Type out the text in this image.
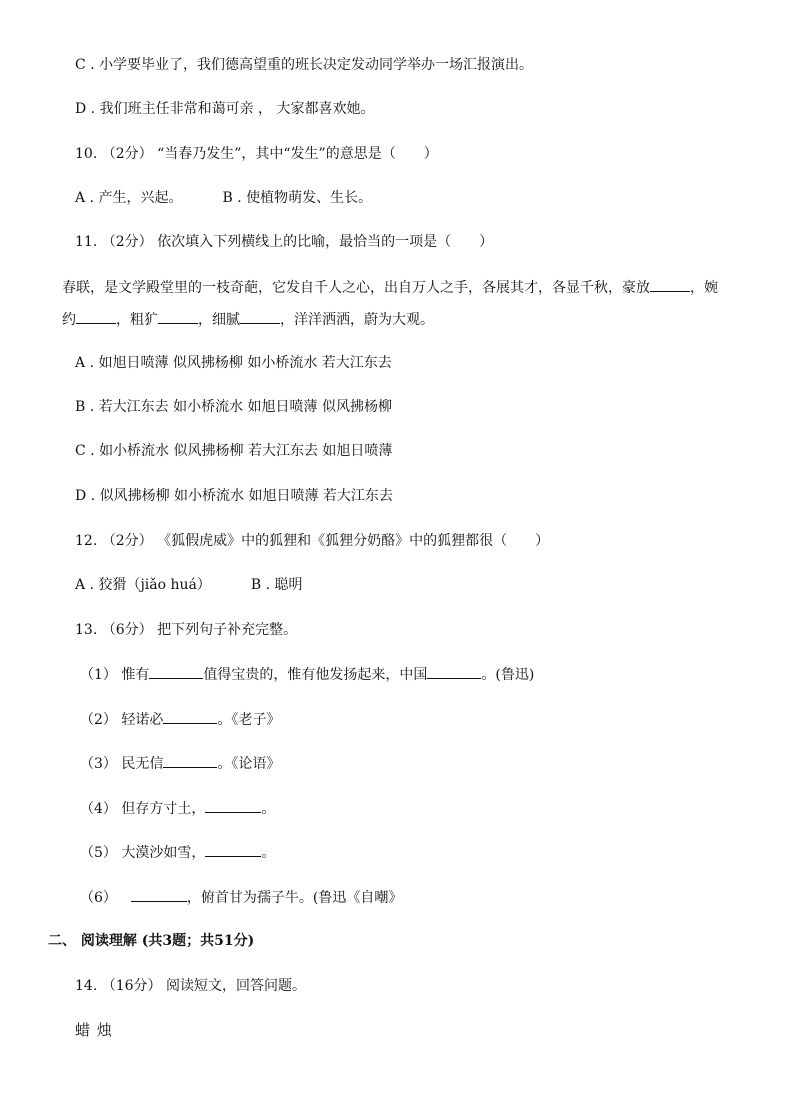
C . 小学要毕业了，我们德高望重的班长决定发动同学举办一场汇报演出。
D . 我们班主任非常和蔼可亲 ， 大家都喜欢她。
10. （2分） “当春乃发生”，其中“发生”的意思是（　　）
A . 产生，兴起。	B . 使植物萌发、生长。
11. （2分） 依次填入下列横线上的比喻，最恰当的一项是（　　）
春联，是文学殿堂里的一枝奇葩，它发自千人之心，出自万人之手，各展其才，各显千秋，豪放	，婉
约	，粗犷	，细腻	，洋洋洒洒，蔚为大观。
A . 如旭日喷薄 似风拂杨柳 如小桥流水 若大江东去
B . 若大江东去 如小桥流水 如旭日喷薄 似风拂杨柳
C . 如小桥流水 似风拂杨柳 若大江东去 如旭日喷薄
D . 似风拂杨柳 如小桥流水 如旭日喷薄 若大江东去
12. （2分） 《狐假虎威》中的狐狸和《狐狸分奶酪》中的狐狸都很（　　）
A . 狡猾（jiǎo huá）	B . 聪明
13. （6分） 把下列句子补充完整。
（1） 惟有	值得宝贵的，惟有他发扬起来，中国	。(鲁迅)
（2） 轻诺必	。《老子》
（3） 民无信	。《论语》
（4） 但存方寸土，	。
（5） 大漠沙如雪，	。
（6）	，俯首甘为孺子牛。(鲁迅《自嘲》
二、 阅读理解 (共3题；共51分)
14. （16分） 阅读短文，回答问题。
蜡 烛
